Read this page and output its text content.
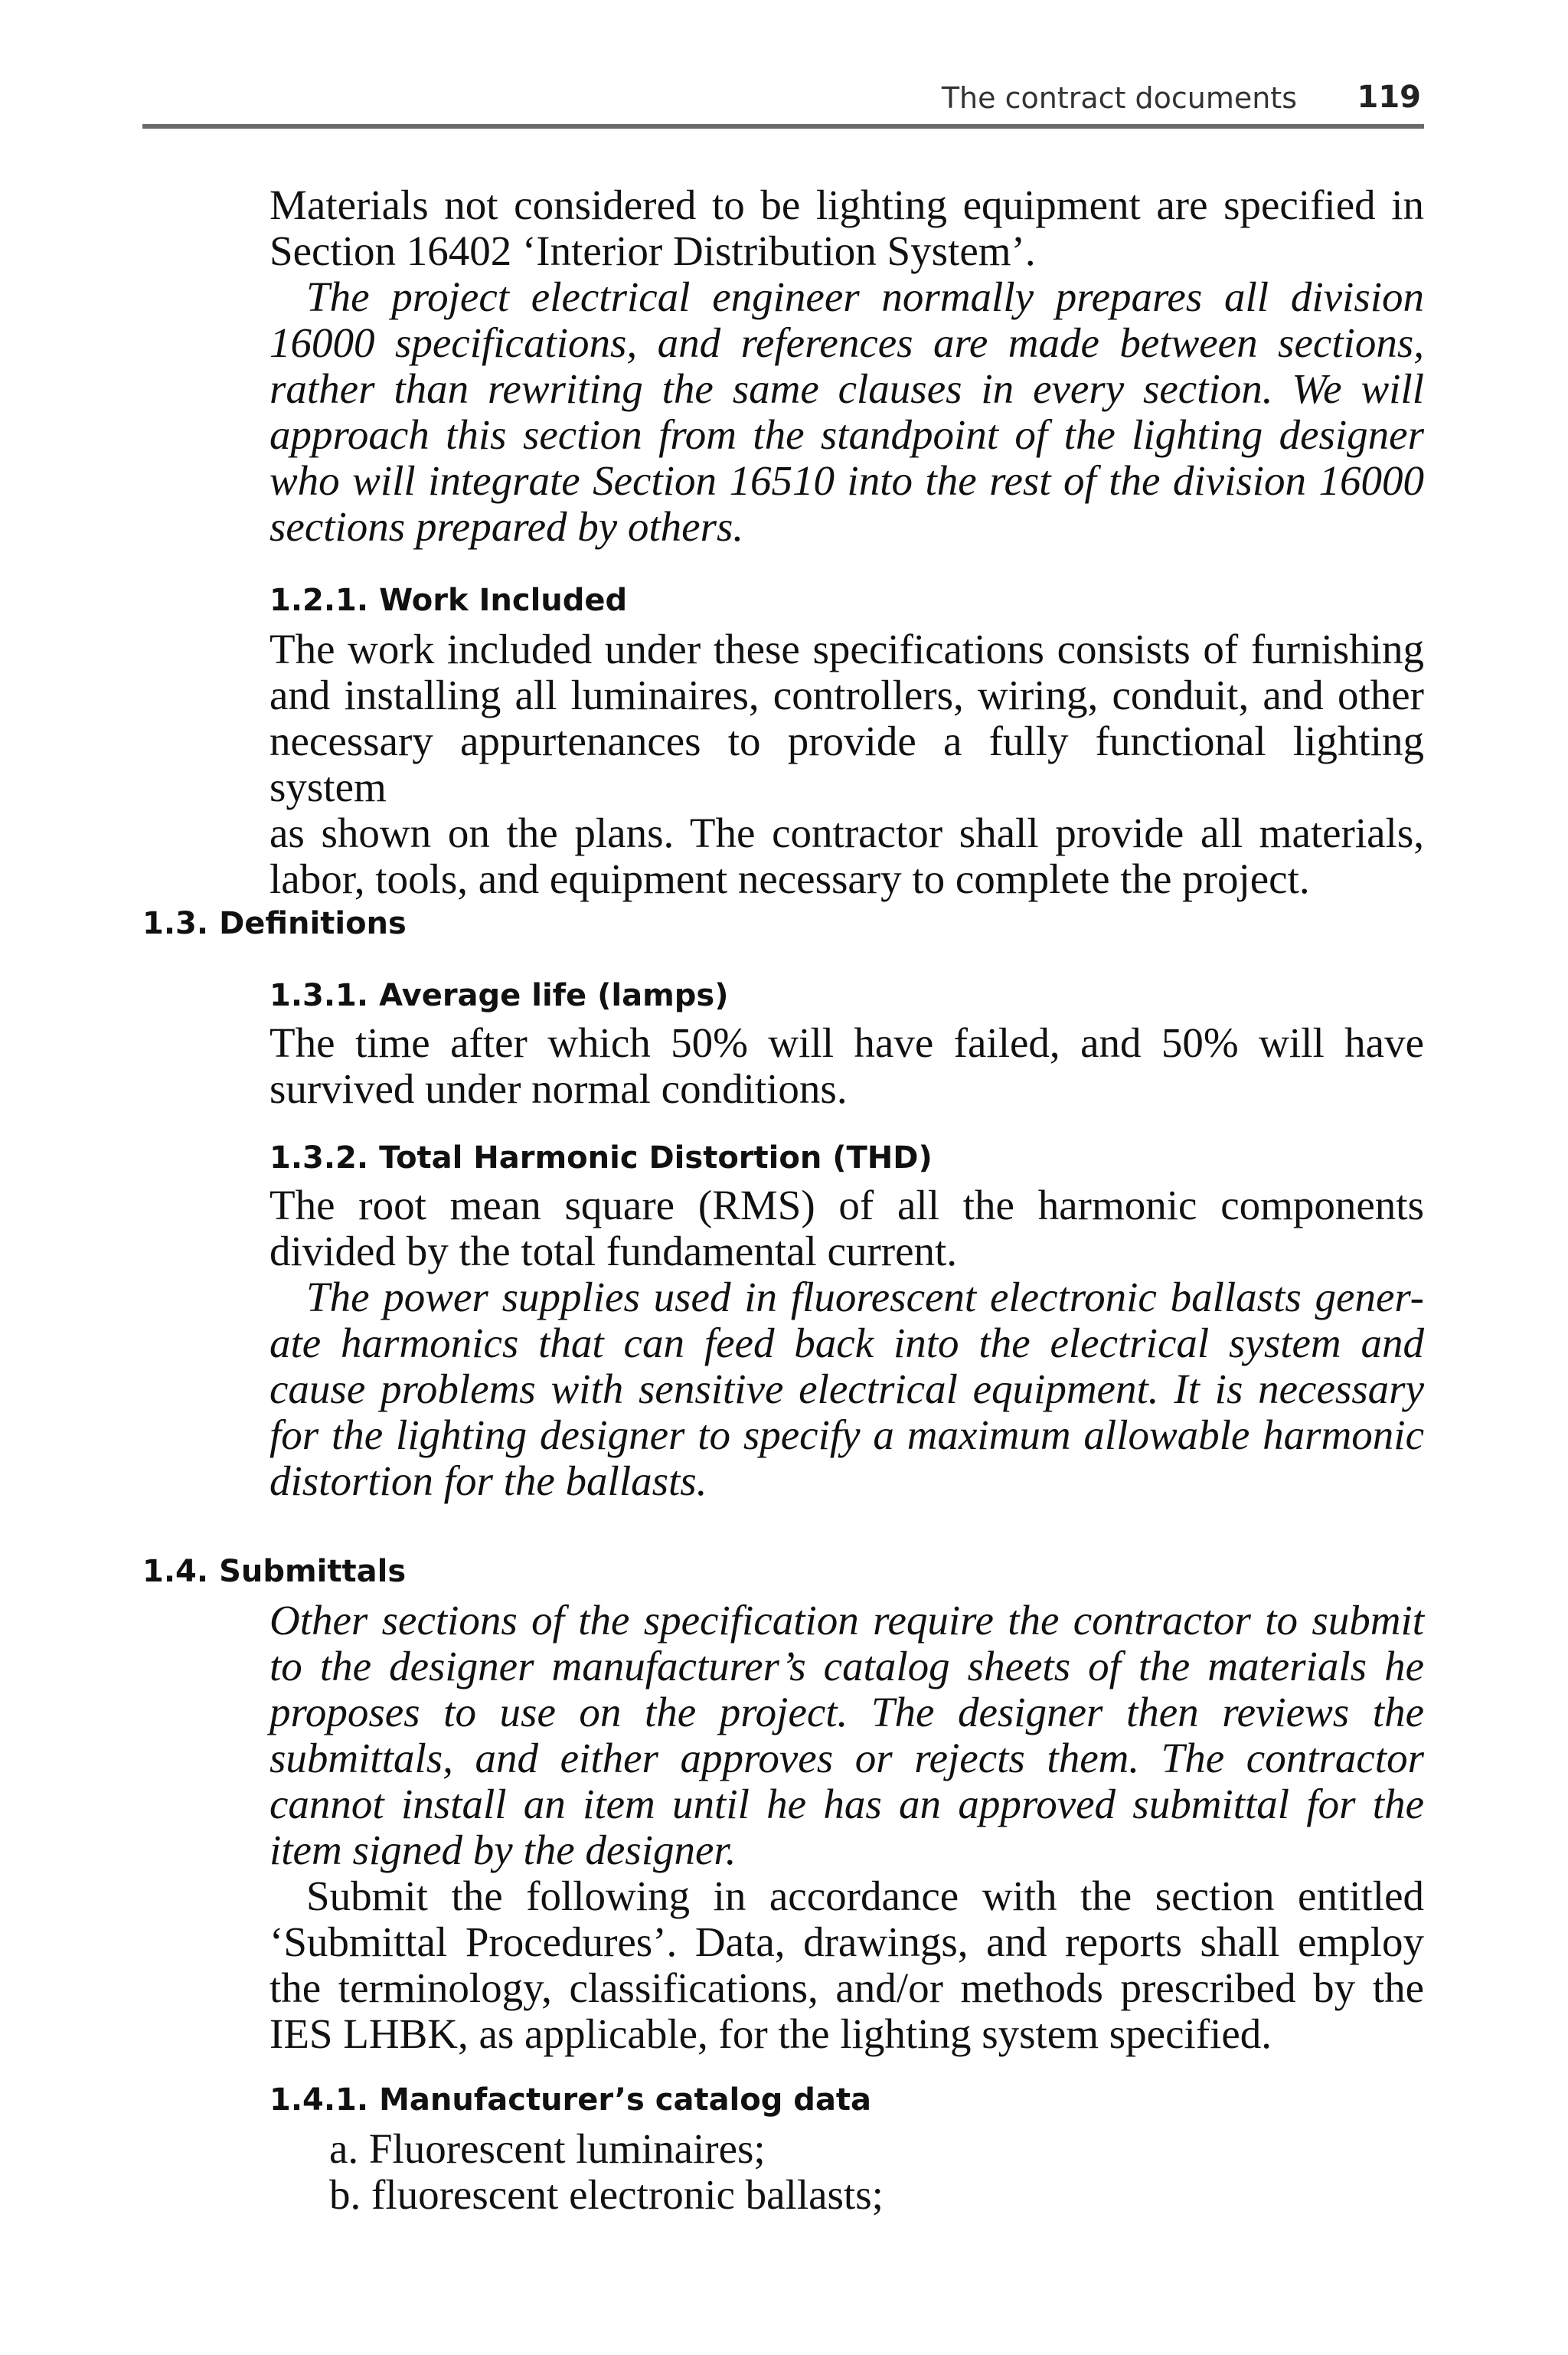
The contract documents 119
Materials not considered to be lighting equipment are specified in
Section 16402 ‘Interior Distribution System’.
The project electrical engineer normally prepares all division
16000 specifications, and references are made between sections,
rather than rewriting the same clauses in every section. We will
approach this section from the standpoint of the lighting designer
who will integrate Section 16510 into the rest of the division 16000
sections prepared by others.
1.2.1. Work Included
The work included under these specifications consists of furnishing
and installing all luminaires, controllers, wiring, conduit, and other
necessary appurtenances to provide a fully functional lighting system
as shown on the plans. The contractor shall provide all materials,
labor, tools, and equipment necessary to complete the project.
1.3. Definitions
1.3.1. Average life (lamps)
The time after which 50% will have failed, and 50% will have
survived under normal conditions.
1.3.2. Total Harmonic Distortion (THD)
The root mean square (RMS) of all the harmonic components
divided by the total fundamental current.
The power supplies used in fluorescent electronic ballasts gener-
ate harmonics that can feed back into the electrical system and
cause problems with sensitive electrical equipment. It is necessary
for the lighting designer to specify a maximum allowable harmonic
distortion for the ballasts.
1.4. Submittals
Other sections of the specification require the contractor to submit
to the designer manufacturer’s catalog sheets of the materials he
proposes to use on the project. The designer then reviews the
submittals, and either approves or rejects them. The contractor
cannot install an item until he has an approved submittal for the
item signed by the designer.
Submit the following in accordance with the section entitled
‘Submittal Procedures’. Data, drawings, and reports shall employ
the terminology, classifications, and/or methods prescribed by the
IES LHBK, as applicable, for the lighting system specified.
1.4.1. Manufacturer’s catalog data
a. Fluorescent luminaires;
b. fluorescent electronic ballasts;
